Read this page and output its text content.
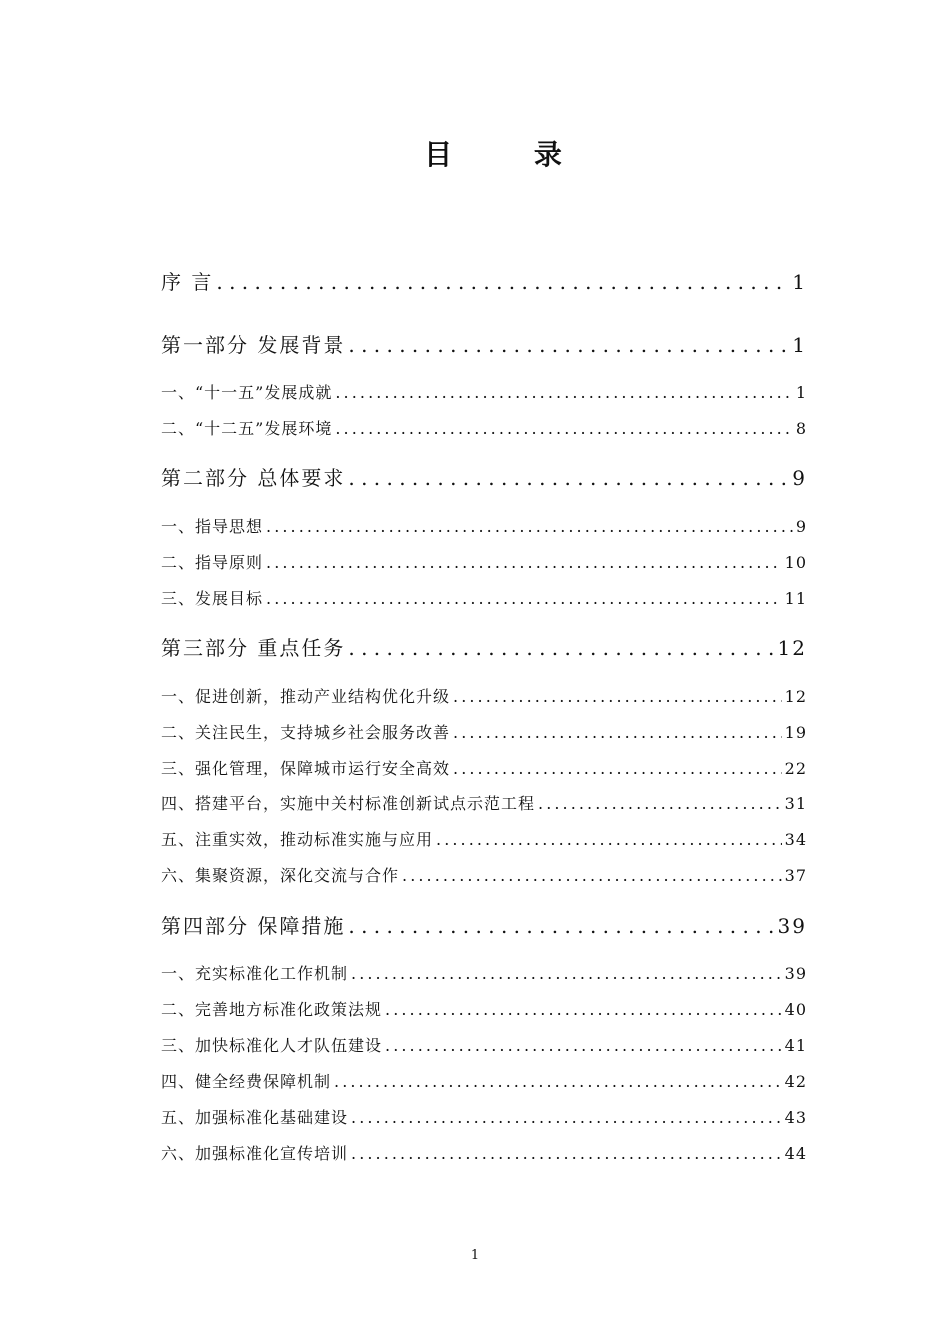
目 录
序 言 . . .	1
第一部分 发展背景 . . .	1
一、“十一五”发展成就 . . .	1
二、“十二五”发展环境 . . .	8
第二部分 总体要求 . . .	9
一、指导思想 . . .	9
二、指导原则 . . .	10
三、发展目标 . . .	11
第三部分 重点任务 . . .	12
一、促进创新，推动产业结构优化升级 . . .	12
二、关注民生，支持城乡社会服务改善 . . .	19
三、强化管理，保障城市运行安全高效 . . .	22
四、搭建平台，实施中关村标准创新试点示范工程 . . .	31
五、注重实效，推动标准实施与应用 . . .	34
六、集聚资源，深化交流与合作 . . .	37
第四部分 保障措施 . . .	39
一、充实标准化工作机制 . . .	39
二、完善地方标准化政策法规 . . .	40
三、加快标准化人才队伍建设 . . .	41
四、健全经费保障机制 . . .	42
五、加强标准化基础建设 . . .	43
六、加强标准化宣传培训 . . .	44
1
